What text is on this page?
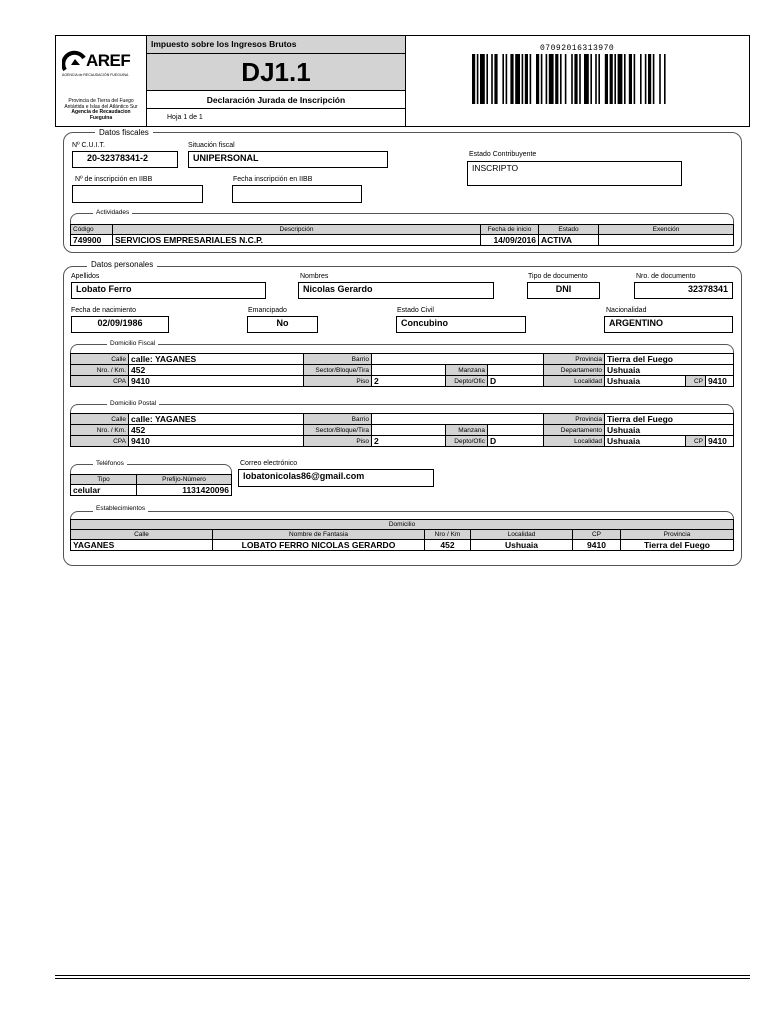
AREF
AGENCIA de RECAUDACIÓN FUEGUINA
Provincia de Tierra del Fuego
Antártida e Islas del Atlántico Sur
Agencia de Recaudacion
Fueguina
Impuesto sobre los Ingresos Brutos
DJ1.1
Declaración Jurada de Inscripción
Hoja 1 de 1
07092016313970
Datos fiscales
Nº C.U.I.T.
20-32378341-2
Situación fiscal
UNIPERSONAL	Estado Contribuyente
INSCRIPTO
Nº de inscripción en IIBB	Fecha inscripción en IIBB
Actividades
Código	Descripción	Fecha de inicio	Estado	Exención
749900	SERVICIOS EMPRESARIALES N.C.P.	14/09/2016	ACTIVA	
Datos personales
Apellidos
Lobato Ferro
Nombres
Nicolas Gerardo
Tipo de documento
DNI
Nro. de documento
32378341
Fecha de nacimiento
02/09/1986
Emancipado
No
Estado Civil
Concubino
Nacionalidad
ARGENTINO
Domicilio Fiscal
Calle	calle: YAGANES	Barrio				Provincia	Tierra del Fuego		
Nro. / Km.	452	Sector/Bloque/Tira		Manzana		Departamento	Ushuaia		
CPA	9410	Piso	2	Depto/Ofic	D	Localidad	Ushuaia	CP	9410
Domicilio Postal
Calle	calle: YAGANES	Barrio				Provincia	Tierra del Fuego		
Nro. / Km.	452	Sector/Bloque/Tira		Manzana		Departamento	Ushuaia		
CPA	9410	Piso	2	Depto/Ofic	D	Localidad	Ushuaia	CP	9410
Teléfonos
Tipo	Prefijo-Número
celular	1131420096
Correo electrónico
lobatonicolas86@gmail.com
Establecimientos
Domicilio					
Calle	Nombre de Fantasia	Nro / Km	Localidad	CP	Provincia
YAGANES	LOBATO FERRO NICOLAS GERARDO	452	Ushuaia	9410	Tierra del Fuego
